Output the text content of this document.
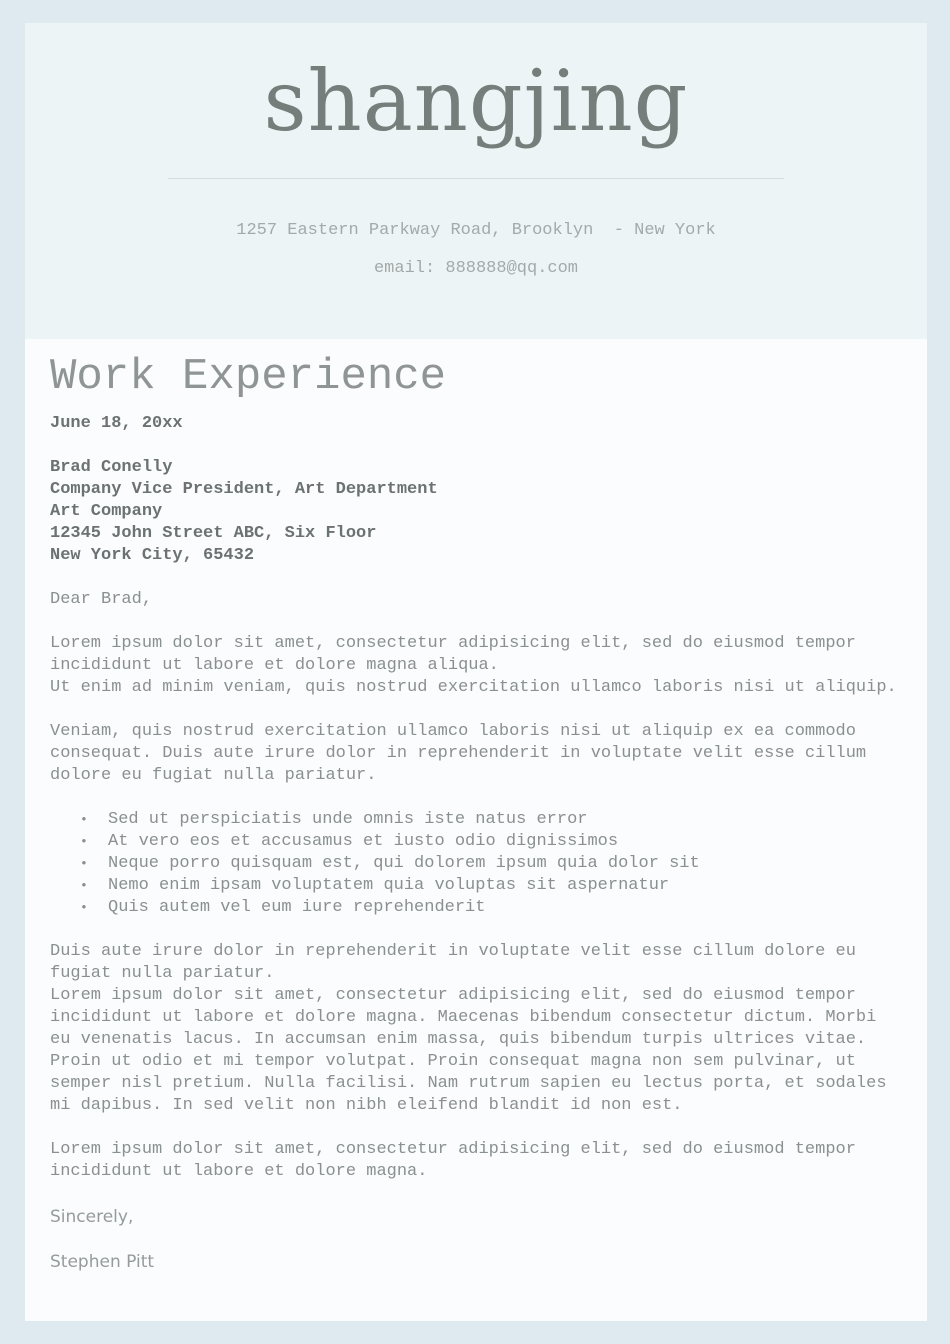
shangjing
1257 Eastern Parkway Road, Brooklyn  - New York
email: 888888@qq.com
Work Experience
June 18, 20xx
Brad Conelly
Company Vice President, Art Department
Art Company
12345 John Street ABC, Six Floor
New York City, 65432
Dear Brad,
Lorem ipsum dolor sit amet, consectetur adipisicing elit, sed do eiusmod tempor incididunt ut labore et dolore magna aliqua.
Ut enim ad minim veniam, quis nostrud exercitation ullamco laboris nisi ut aliquip.
Veniam, quis nostrud exercitation ullamco laboris nisi ut aliquip ex ea commodo consequat. Duis aute irure dolor in reprehenderit in voluptate velit esse cillum dolore eu fugiat nulla pariatur.
• Sed ut perspiciatis unde omnis iste natus error
• At vero eos et accusamus et iusto odio dignissimos
• Neque porro quisquam est, qui dolorem ipsum quia dolor sit
• Nemo enim ipsam voluptatem quia voluptas sit aspernatur
• Quis autem vel eum iure reprehenderit
Duis aute irure dolor in reprehenderit in voluptate velit esse cillum dolore eu fugiat nulla pariatur.
Lorem ipsum dolor sit amet, consectetur adipisicing elit, sed do eiusmod tempor incididunt ut labore et dolore magna. Maecenas bibendum consectetur dictum. Morbi eu venenatis lacus. In accumsan enim massa, quis bibendum turpis ultrices vitae. Proin ut odio et mi tempor volutpat. Proin consequat magna non sem pulvinar, ut semper nisl pretium. Nulla facilisi. Nam rutrum sapien eu lectus porta, et sodales mi dapibus. In sed velit non nibh eleifend blandit id non est.
Lorem ipsum dolor sit amet, consectetur adipisicing elit, sed do eiusmod tempor incididunt ut labore et dolore magna.
Sincerely,
Stephen Pitt
